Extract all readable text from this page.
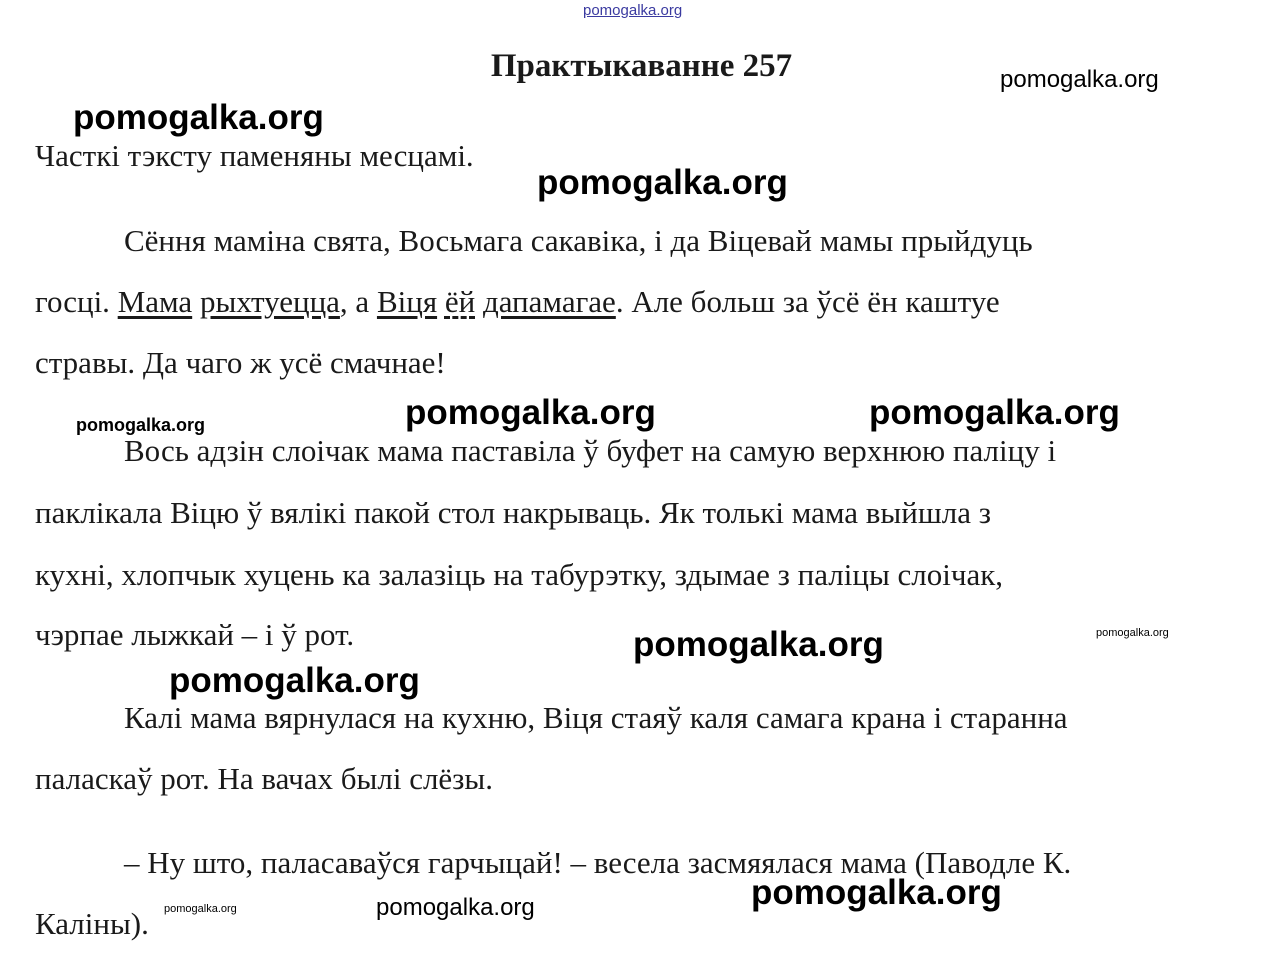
pomogalka.org
Практыкаванне 257
Часткі тэксту паменяны месцамі.
Сёння маміна свята, Восьмага сакавіка, і да Віцевай мамы прыйдуць
госці. Мама рыхтуецца, а Віця ёй дапамагае. Але больш за ўсё ён каштуе
стравы. Да чаго ж усё смачнае!
Вось адзін слоічак мама паставіла ў буфет на самую верхнюю паліцу і
паклікала Віцю ў вялікі пакой стол накрываць. Як толькі мама выйшла з
кухні, хлопчык хуцень ка залазіць на табурэтку, здымае з паліцы слоічак,
чэрпае лыжкай – і ў рот.
Калі мама вярнулася на кухню, Віця стаяў каля самага крана і старанна
паласкаў рот. На вачах былі слёзы.
– Ну што, паласаваўся гарчыцай! – весела засмяялася мама (Паводле К.
Каліны).
pomogalka.org
pomogalka.org
pomogalka.org
pomogalka.org	pomogalka.org	pomogalka.org
pomogalka.org	pomogalka.org
pomogalka.org
pomogalka.org
pomogalka.org	pomogalka.org
